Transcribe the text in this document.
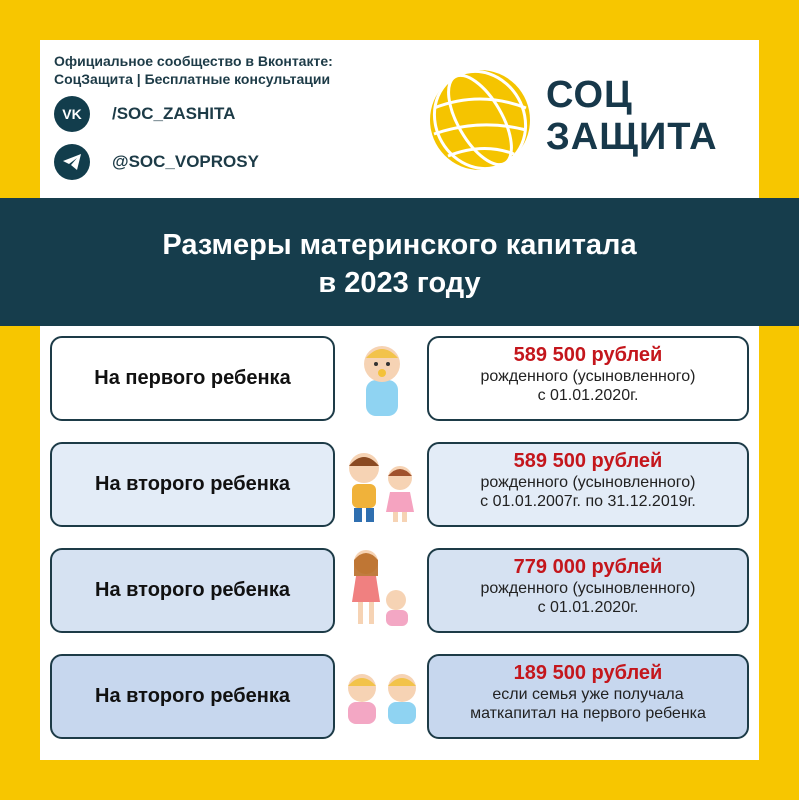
Официальное сообщество в Вконтакте:
СоцЗащита | Бесплатные консультации
VK /SOC_ZASHITA
@SOC_VOPROSY
СОЦ
ЗАЩИТА
Размеры материнского капитала
в 2023 году
На первого ребенка
589 500 рублей
рожденного (усыновленного)
с 01.01.2020г.
На второго ребенка
589 500 рублей
рожденного (усыновленного)
с 01.01.2007г. по 31.12.2019г.
На второго ребенка
779 000 рублей
рожденного (усыновленного)
с 01.01.2020г.
На второго ребенка
189 500 рублей
если семья уже получала
маткапитал на первого ребенка
